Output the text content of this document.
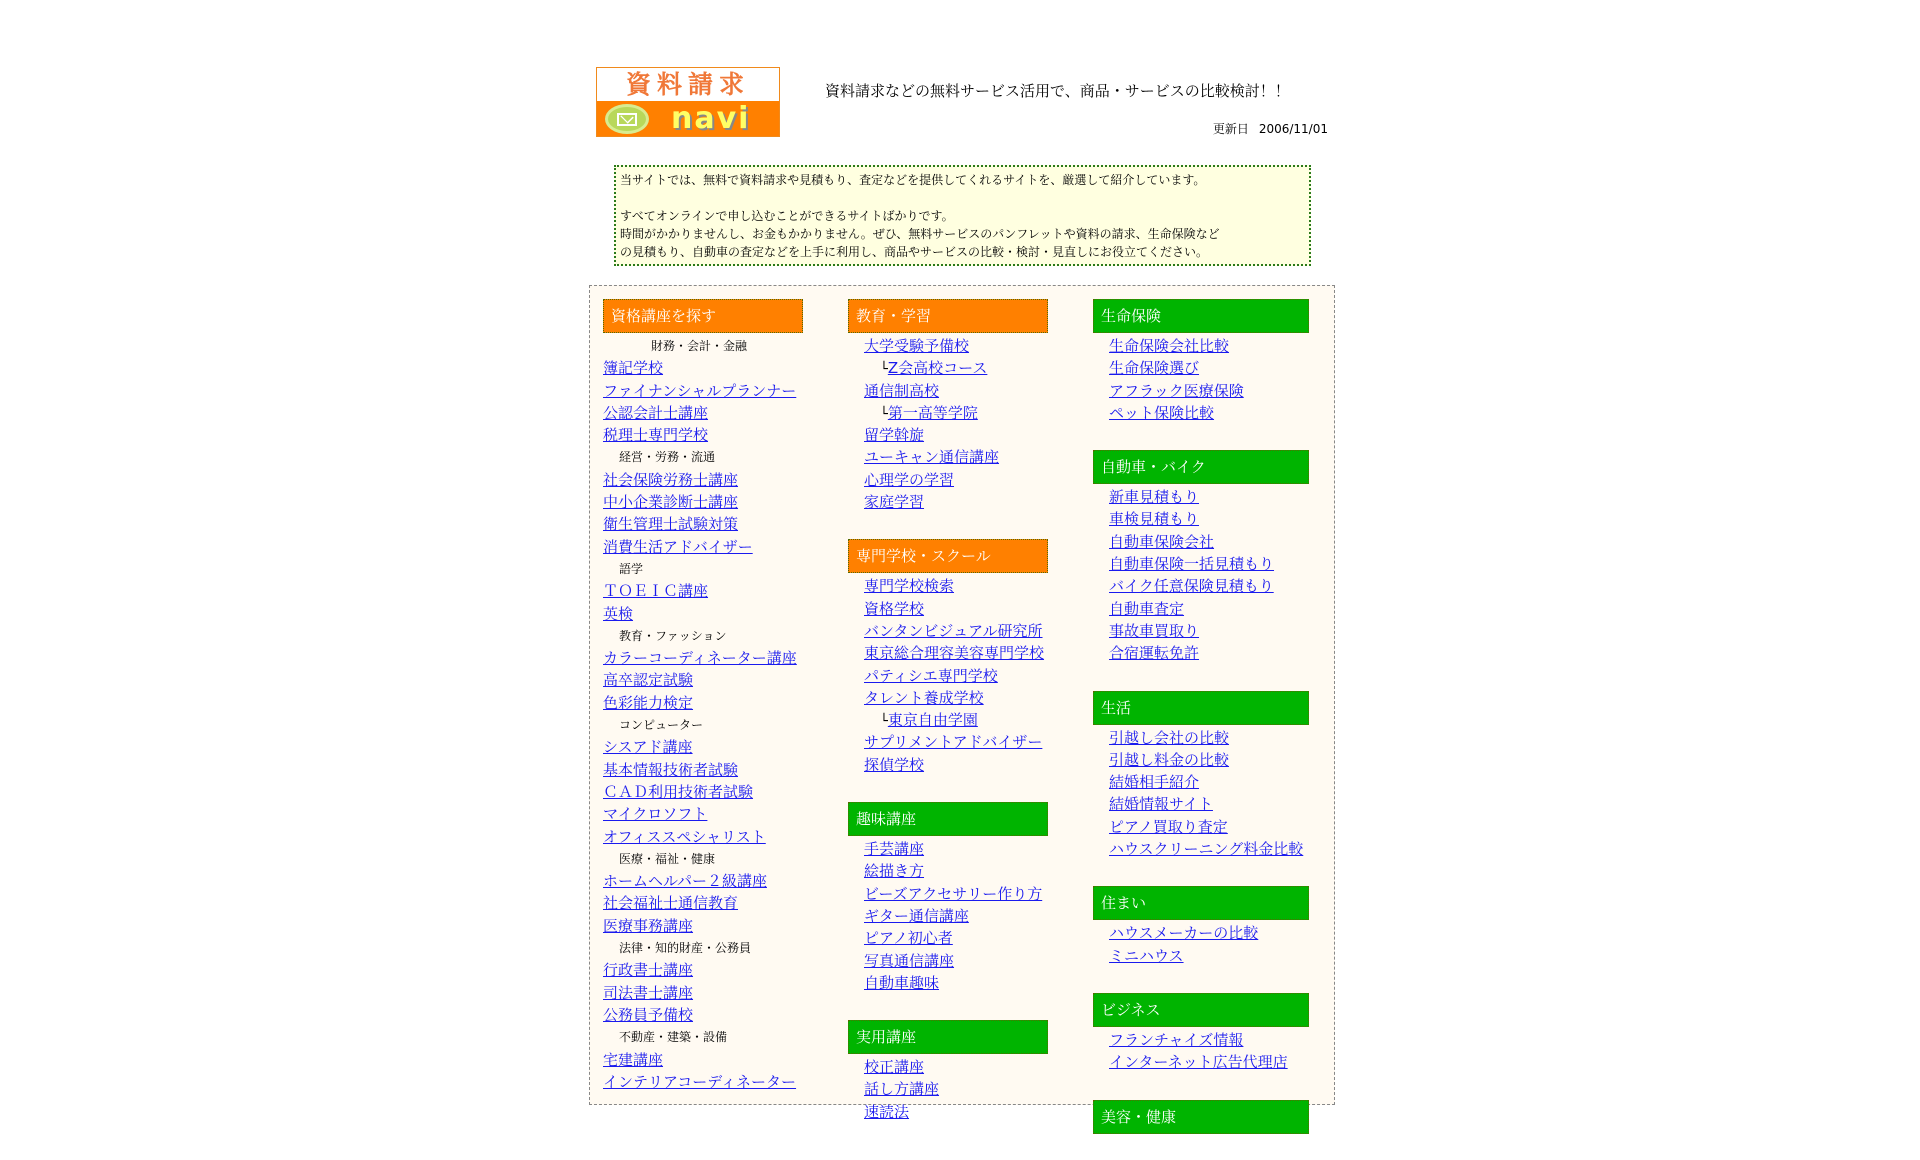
資料請求
navi
資料請求などの無料サービス活用で、商品・サービスの比較検討！！
更新日 2006/11/01

当サイトでは、無料で資料請求や見積もり、査定などを提供してくれるサイトを、厳選して紹介しています。

すべてオンラインで申し込むことができるサイトばかりです。

時間がかかりませんし、お金もかかりません。ぜひ、無料サービスのパンフレットや資料の請求、生命保険など

の見積もり、自動車の査定などを上手に利用し、商品やサービスの比較・検討・見直しにお役立てください。

資格講座を探す
財務・会計・金融
簿記学校
ファイナンシャルプランナー
公認会計士講座
税理士専門学校
経営・労務・流通
社会保険労務士講座
中小企業診断士講座
衛生管理士試験対策
消費生活アドバイザー
語学
ＴＯＥＩＣ講座
英検
教育・ファッション
カラーコーディネーター講座
高卒認定試験
色彩能力検定
コンピューター
シスアド講座
基本情報技術者試験
ＣＡＤ利用技術者試験
マイクロソフト
オフィススペシャリスト
医療・福祉・健康
ホームヘルパー２級講座
社会福祉士通信教育
医療事務講座
法律・知的財産・公務員
行政書士講座
司法書士講座
公務員予備校
不動産・建築・設備
宅建講座
インテリアコーディネーター
教育・学習
大学受験予備校
└Z会高校コース
通信制高校
└第一高等学院
留学斡旋
ユーキャン通信講座
心理学の学習
家庭学習
専門学校・スクール
専門学校検索
資格学校
バンタンビジュアル研究所
東京総合理容美容専門学校
パティシエ専門学校
タレント養成学校
└東京自由学園
サプリメントアドバイザー
探偵学校
趣味講座
手芸講座
絵描き方
ビーズアクセサリー作り方
ギター通信講座
ピアノ初心者
写真通信講座
自動車趣味
実用講座
校正講座
話し方講座
速読法
生命保険
生命保険会社比較
生命保険選び
アフラック医療保険
ペット保険比較
自動車・バイク
新車見積もり
車検見積もり
自動車保険会社
自動車保険一括見積もり
バイク任意保険見積もり
自動車査定
事故車買取り
合宿運転免許
生活
引越し会社の比較
引越し料金の比較
結婚相手紹介
結婚情報サイト
ピアノ買取り査定
ハウスクリーニング料金比較
住まい
ハウスメーカーの比較
ミニハウス
ビジネス
フランチャイズ情報
インターネット広告代理店
美容・健康
